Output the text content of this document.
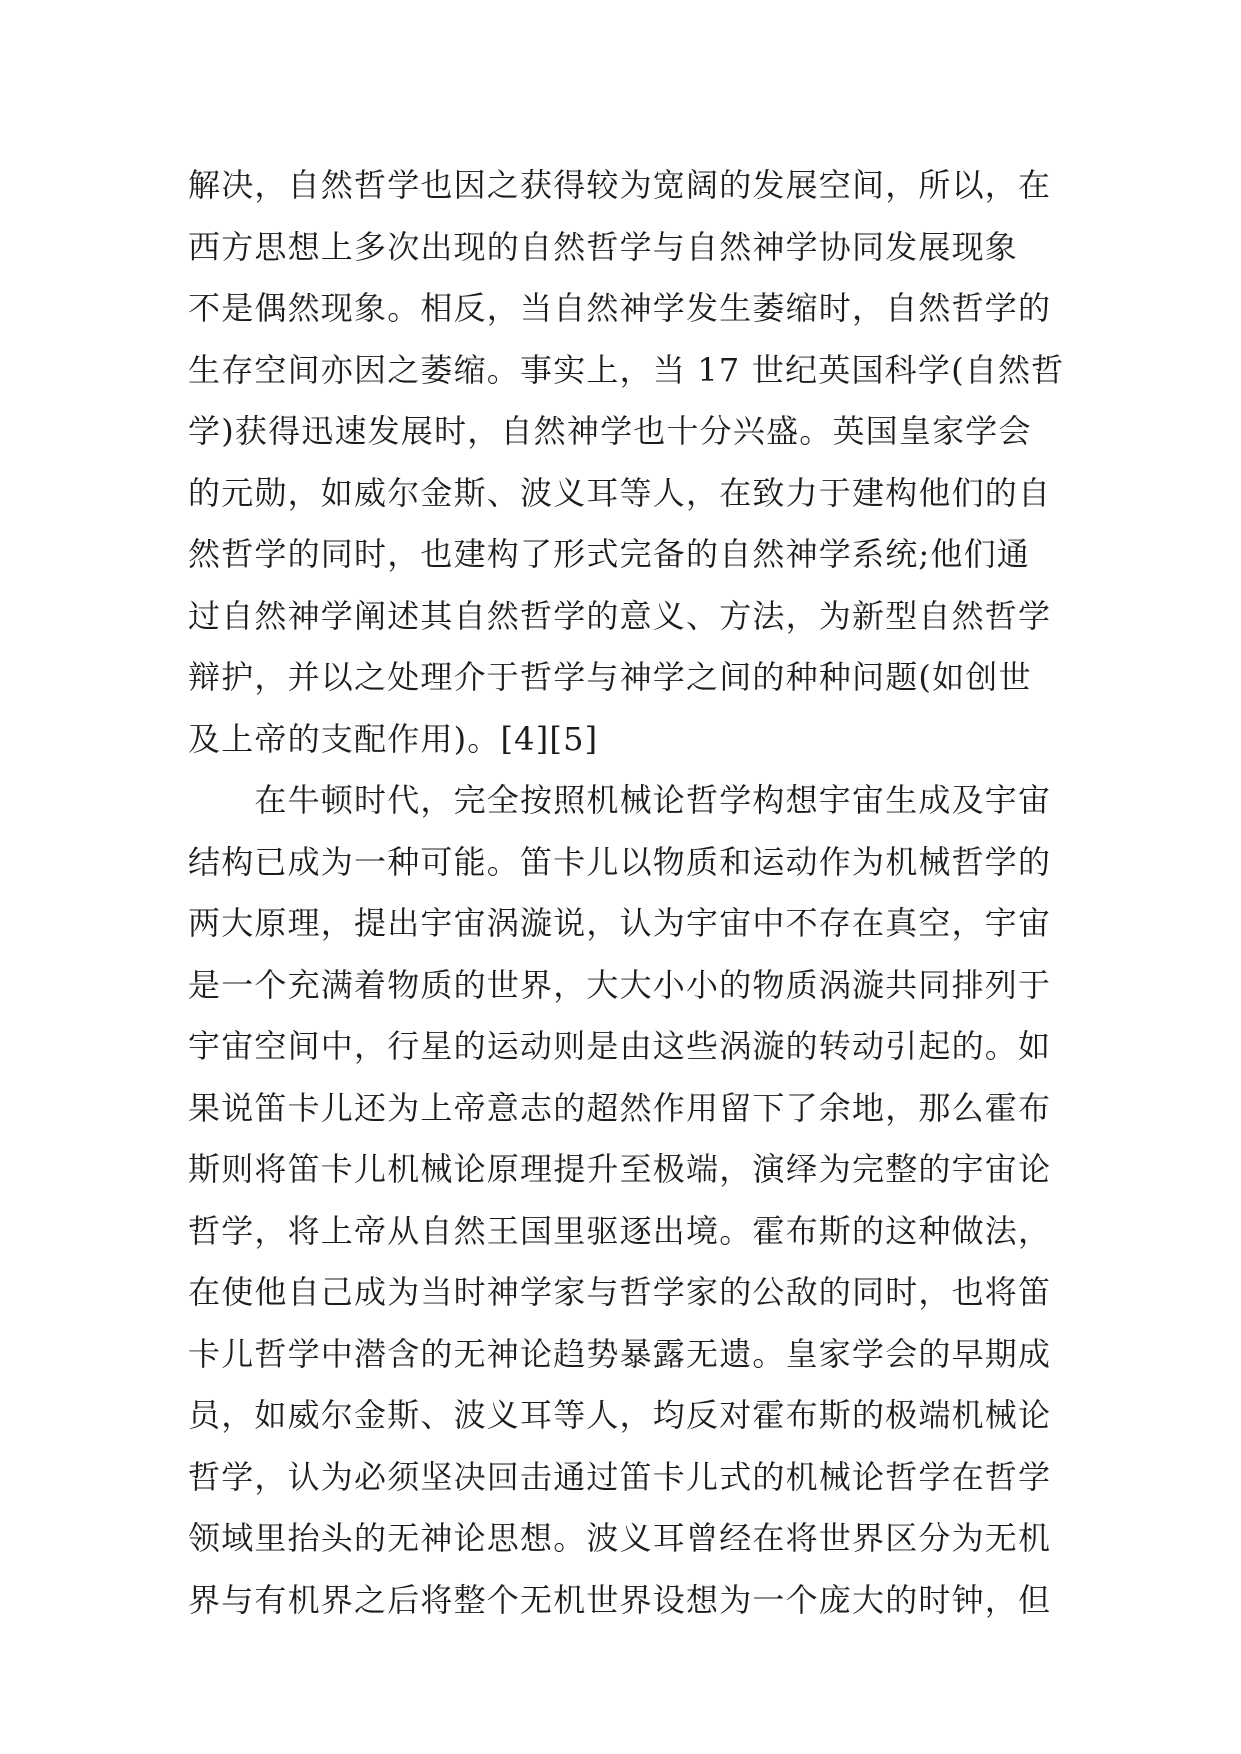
解决，自然哲学也因之获得较为宽阔的发展空间，所以，在
西方思想上多次出现的自然哲学与自然神学协同发展现象
不是偶然现象。相反，当自然神学发生萎缩时，自然哲学的
生存空间亦因之萎缩。事实上，当 17 世纪英国科学(自然哲
学)获得迅速发展时，自然神学也十分兴盛。英国皇家学会
的元勋，如威尔金斯、波义耳等人，在致力于建构他们的自
然哲学的同时，也建构了形式完备的自然神学系统;他们通
过自然神学阐述其自然哲学的意义、方法，为新型自然哲学
辩护，并以之处理介于哲学与神学之间的种种问题(如创世
及上帝的支配作用)。[4][5]
　　在牛顿时代，完全按照机械论哲学构想宇宙生成及宇宙
结构已成为一种可能。笛卡儿以物质和运动作为机械哲学的
两大原理，提出宇宙涡漩说，认为宇宙中不存在真空，宇宙
是一个充满着物质的世界，大大小小的物质涡漩共同排列于
宇宙空间中，行星的运动则是由这些涡漩的转动引起的。如
果说笛卡儿还为上帝意志的超然作用留下了余地，那么霍布
斯则将笛卡儿机械论原理提升至极端，演绎为完整的宇宙论
哲学，将上帝从自然王国里驱逐出境。霍布斯的这种做法，
在使他自己成为当时神学家与哲学家的公敌的同时，也将笛
卡儿哲学中潜含的无神论趋势暴露无遗。皇家学会的早期成
员，如威尔金斯、波义耳等人，均反对霍布斯的极端机械论
哲学，认为必须坚决回击通过笛卡儿式的机械论哲学在哲学
领域里抬头的无神论思想。波义耳曾经在将世界区分为无机
界与有机界之后将整个无机世界设想为一个庞大的时钟，但
